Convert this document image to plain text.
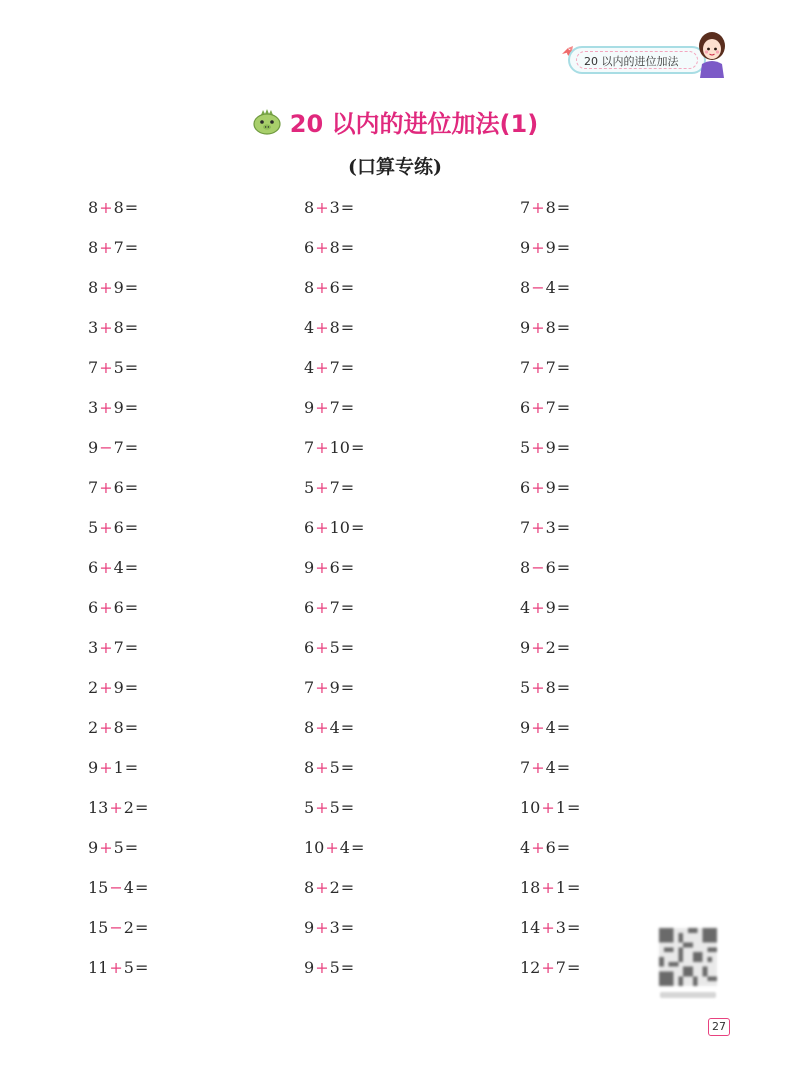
20 以内的进位加法
20 以内的进位加法(1)
(口算专练)
8+8=
8+7=
8+9=
3+8=
7+5=
3+9=
9−7=
7+6=
5+6=
6+4=
6+6=
3+7=
2+9=
2+8=
9+1=
13+2=
9+5=
15−4=
15−2=
11+5=
8+3=
6+8=
8+6=
4+8=
4+7=
9+7=
7+10=
5+7=
6+10=
9+6=
6+7=
6+5=
7+9=
8+4=
8+5=
5+5=
10+4=
8+2=
9+3=
9+5=
7+8=
9+9=
8−4=
9+8=
7+7=
6+7=
5+9=
6+9=
7+3=
8−6=
4+9=
9+2=
5+8=
9+4=
7+4=
10+1=
4+6=
18+1=
14+3=
12+7=
27
